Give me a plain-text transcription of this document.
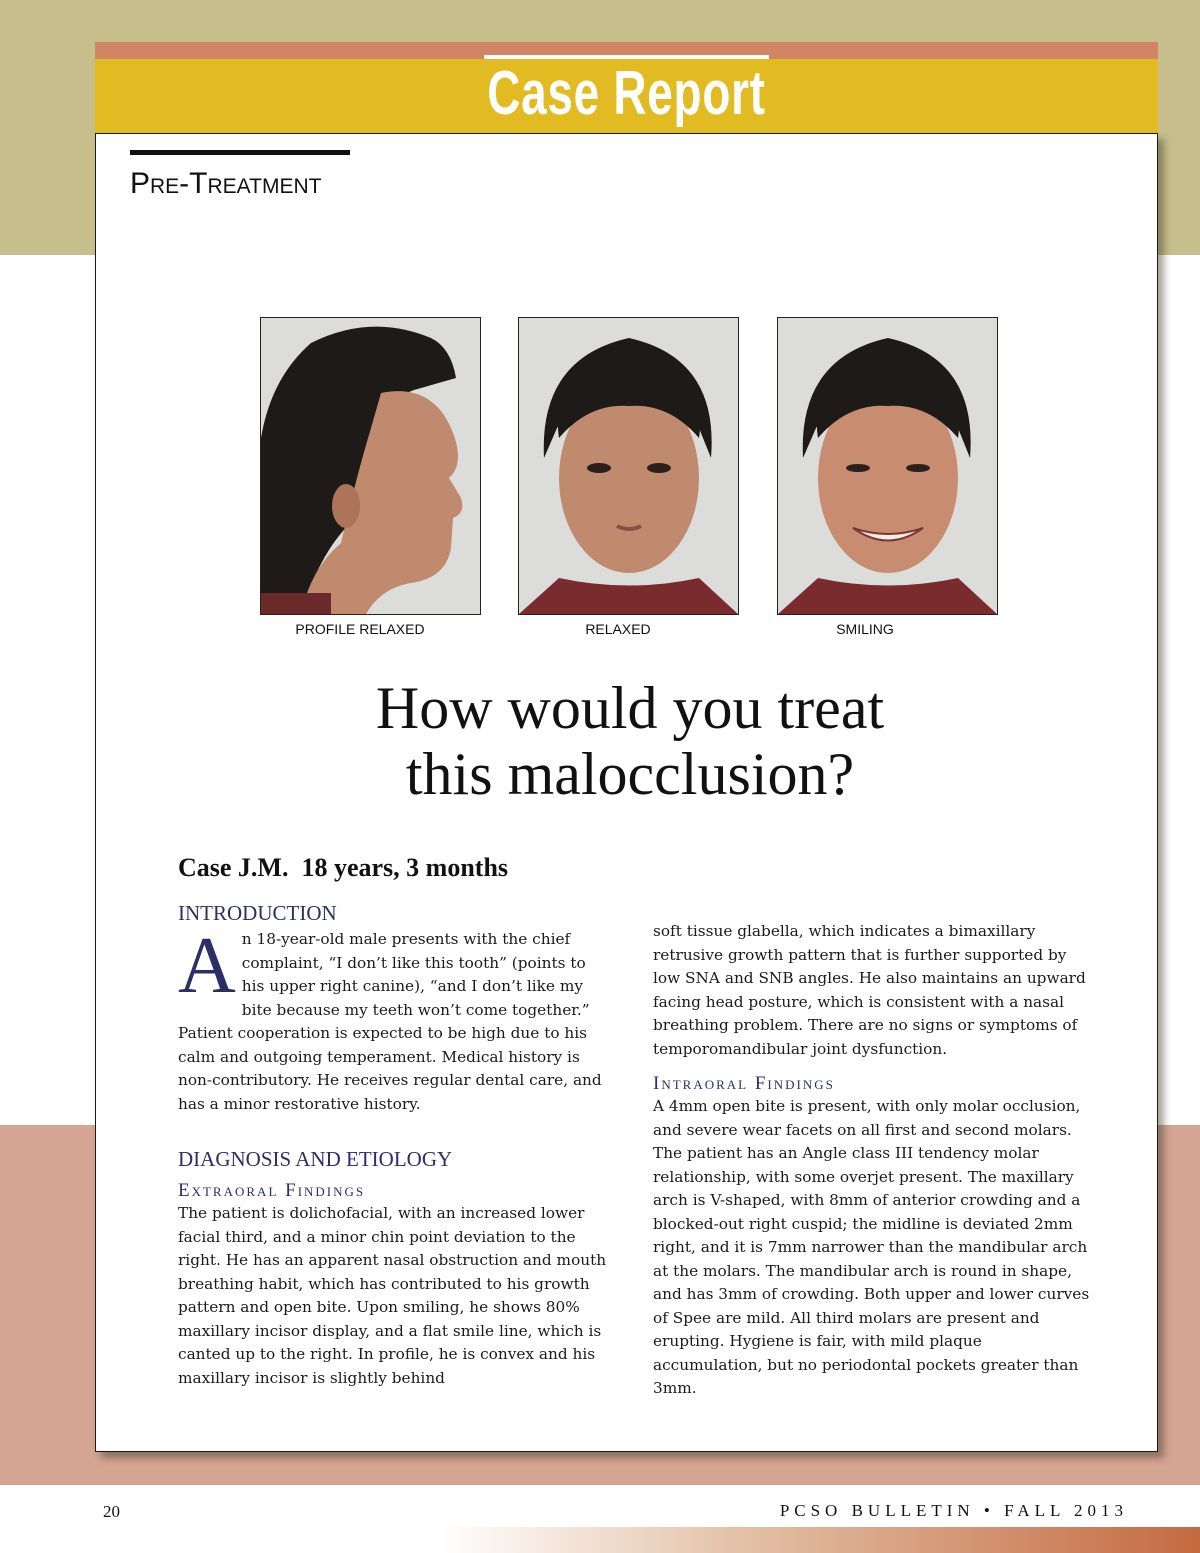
Case Report
Pre-Treatment
PROFILE RELAXED	RELAXED	SMILING
How would you treat
this malocclusion?
Case J.M.  18 years, 3 months
INTRODUCTION

An 18-year-old male presents with the chief complaint, “I don’t like this tooth” (points to his upper right canine), “and I don’t like my bite because my teeth won’t come together.” Patient cooperation is expected to be high due to his calm and outgoing temperament. Medical history is non-contributory. He receives regular dental care, and has a minor restorative history.

DIAGNOSIS AND ETIOLOGY
Extraoral Findings

The patient is dolichofacial, with an increased lower facial third, and a minor chin point deviation to the right. He has an apparent nasal obstruction and mouth breathing habit, which has contributed to his growth pattern and open bite. Upon smiling, he shows 80% maxillary incisor display, and a flat smile line, which is canted up to the right. In profile, he is convex and his maxillary incisor is slightly behind

soft tissue glabella, which indicates a bimaxillary retrusive growth pattern that is further supported by low SNA and SNB angles. He also maintains an upward facing head posture, which is consistent with a nasal breathing problem. There are no signs or symptoms of temporomandibular joint dysfunction.

Intraoral Findings

A 4mm open bite is present, with only molar occlusion, and severe wear facets on all first and second molars. The patient has an Angle class III tendency molar relationship, with some overjet present. The maxillary arch is V-shaped, with 8mm of anterior crowding and a blocked-out right cuspid; the midline is deviated 2mm right, and it is 7mm narrower than the mandibular arch at the molars. The mandibular arch is round in shape, and has 3mm of crowding. Both upper and lower curves of Spee are mild. All third molars are present and erupting. Hygiene is fair, with mild plaque accumulation, but no periodontal pockets greater than 3mm.

20	PCSO BULLETIN • FALL 2013
